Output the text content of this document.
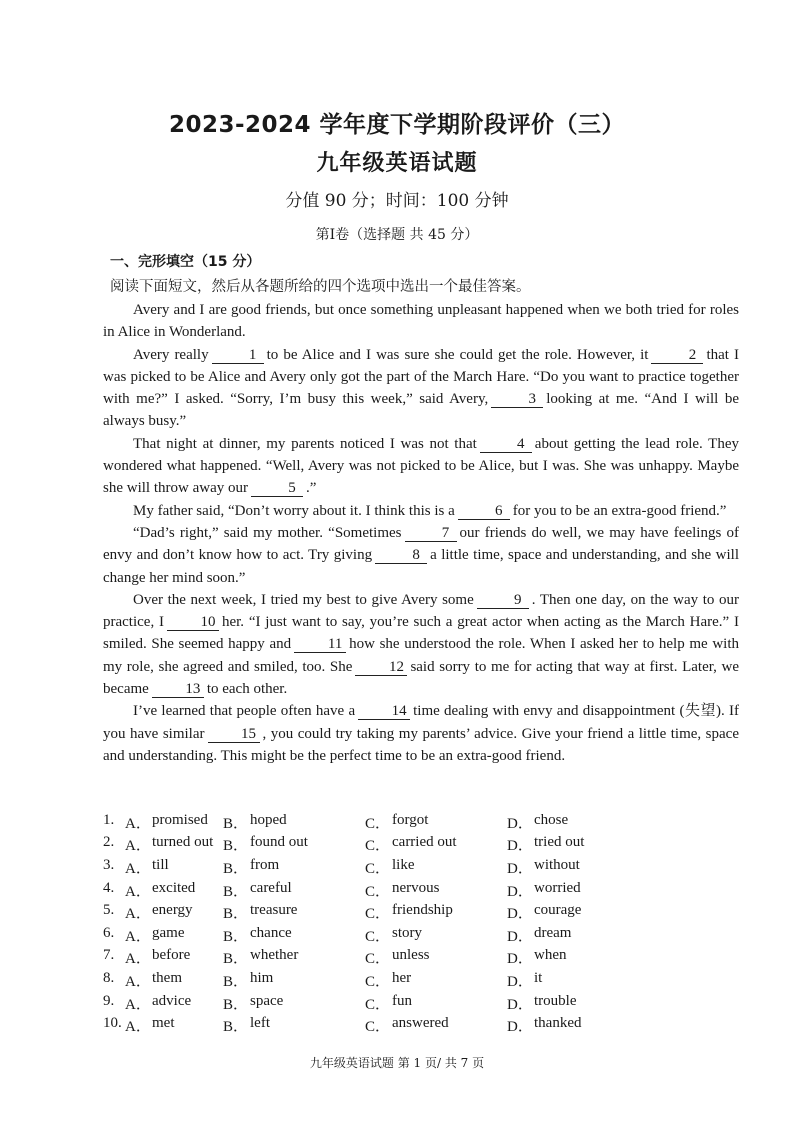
2023-2024 学年度下学期阶段评价（三）
九年级英语试题
分值 90 分；时间：100 分钟
第Ⅰ卷（选择题 共 45 分）
一、完形填空（15 分）
阅读下面短文，然后从各题所给的四个选项中选出一个最佳答案。

Avery and I are good friends, but once something unpleasant happened when we both tried for roles in Alice in Wonderland.

Avery really	1 to be Alice and I was sure she could get the role. However, it	2 that I was picked to be Alice and Avery only got the part of the March Hare. “Do you want to practice together with me?” I asked. “Sorry, I’m busy this week,” said Avery,	3 looking at me. “And I will be always busy.”

That night at dinner, my parents noticed I was not that	4 about getting the lead role. They wondered what happened. “Well, Avery was not picked to be Alice, but I was. She was unhappy. Maybe she will throw away our	5 .”

My father said, “Don’t worry about it. I think this is a	6 for you to be an extra-good friend.”

“Dad’s right,” said my mother. “Sometimes	7 our friends do well, we may have feelings of envy and don’t know how to act. Try giving	8 a little time, space and understanding, and she will change her mind soon.”

Over the next week, I tried my best to give Avery some	9 . Then one day, on the way to our practice, I 10 her. “I just want to say, you’re such a great actor when acting as the March Hare.” I smiled. She seemed happy and 11 how she understood the role. When I asked her to help me with my role, she agreed and smiled, too. She 12 said sorry to me for acting that way at first. Later, we became 13 to each other.

I’ve learned that people often have a 14 time dealing with envy and disappointment (失望). If you have similar 15 , you could try taking my parents’ advice. Give your friend a little time, space and understanding. This might be the perfect time to be an extra-good friend.

1. A． promised B． hoped	C． forgot	D． chose
2. A． turned out B． found out	C． carried out	D． tried out
3. A． till	B． from	C． like	D． without
4. A． excited B． careful	C． nervous	D． worried
5. A． energy B． treasure	C． friendship	D． courage
6. A． game	B． chance	C． story	D． dream
7. A． before B． whether	C． unless	D． when
8. A． them	B． him	C． her	D． it
9. A． advice B． space	C． fun	D． trouble
10. A． met	B． left	C． answered	D． thanked
九年级英语试题 第 1 页/ 共 7 页
